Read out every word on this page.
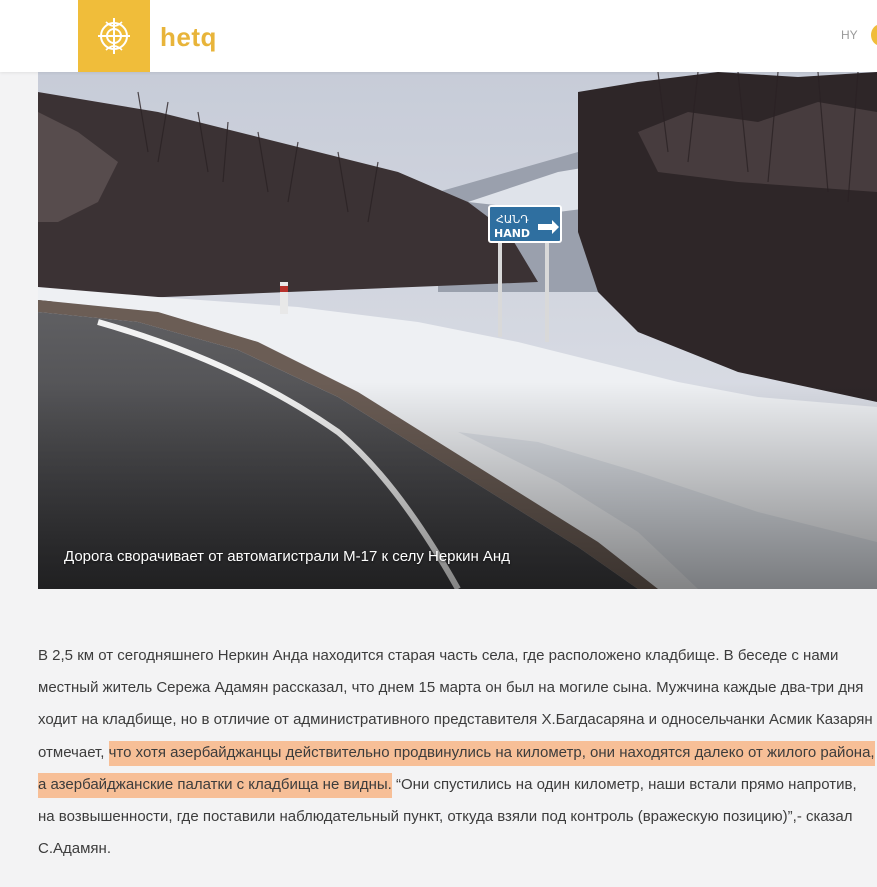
hetq	HY
Дорога сворачивает от автомагистрали М-17 к селу Неркин Анд

В 2,5 км от сегодняшнего Неркин Анда находится старая часть села, где расположено кладбище. В беседе с нами местный житель Сережа Адамян рассказал, что днем 15 марта он был на могиле сына. Мужчина каждые два-три дня ходит на кладбище, но в отличие от административного представителя Х.Багдасаряна и односельчанки Асмик Казарян отмечает, что хотя азербайджанцы действительно продвинулись на километр, они находятся далеко от жилого района, а азербайджанские палатки с кладбища не видны. “Они спустились на один километр, наши встали прямо напротив, на возвышенности, где поставили наблюдательный пункт, откуда взяли под контроль (вражескую позицию)”,- сказал С.Адамян.
